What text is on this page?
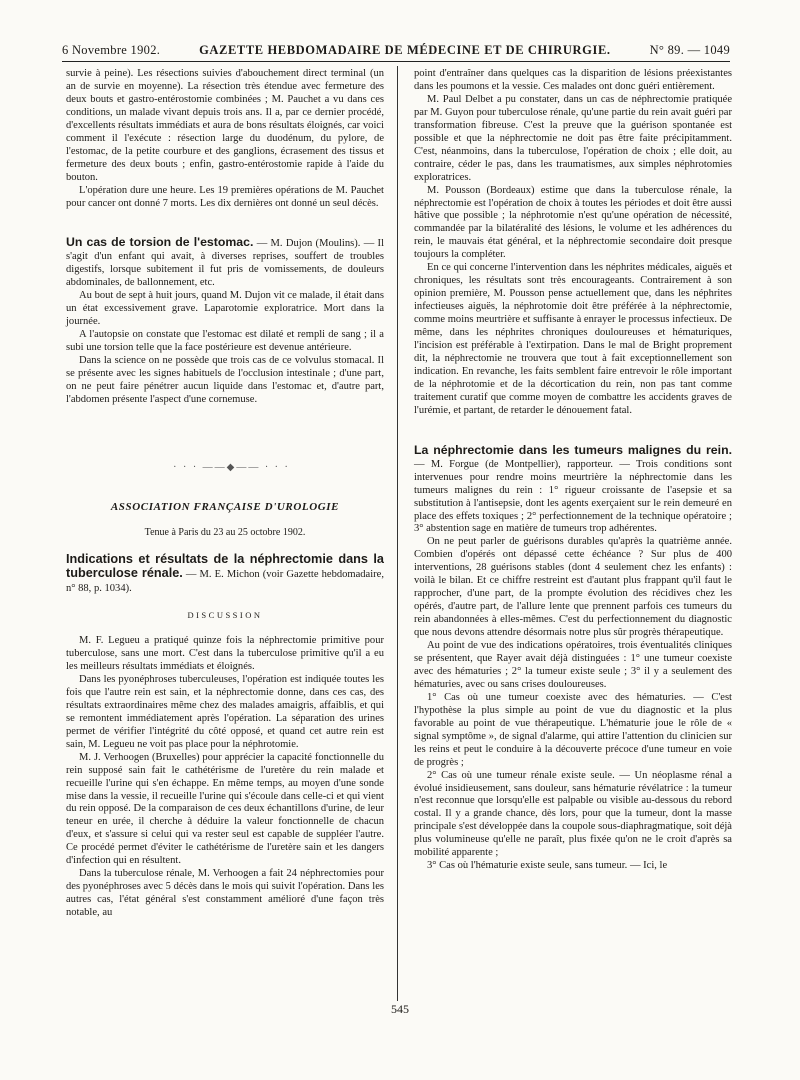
6 Novembre 1902.	GAZETTE HEBDOMADAIRE DE MÉDECINE ET DE CHIRURGIE.	N° 89. — 1049

survie à peine). Les résections suivies d'abouchement direct terminal (un an de survie en moyenne). La résection très étendue avec fermeture des deux bouts et gastro-entérostomie combinées ; M. Pauchet a vu dans ces conditions, un malade vivant depuis trois ans. Il a, par ce dernier procédé, d'excellents résultats immédiats et aura de bons résultats éloignés, car voici comment il l'exécute : résection large du duodénum, du pylore, de l'estomac, de la petite courbure et des ganglions, écrasement des tissus et fermeture des deux bouts ; enfin, gastro-entérostomie rapide à l'aide du bouton.

L'opération dure une heure. Les 19 premières opérations de M. Pauchet pour cancer ont donné 7 morts. Les dix dernières ont donné un seul décès.

Un cas de torsion de l'estomac. — M. Dujon (Moulins). — Il s'agit d'un enfant qui avait, à diverses reprises, souffert de troubles digestifs, lorsque subitement il fut pris de vomissements, de douleurs abdominales, de ballonnement, etc.

Au bout de sept à huit jours, quand M. Dujon vit ce malade, il était dans un état excessivement grave. Laparotomie exploratrice. Mort dans la journée.

A l'autopsie on constate que l'estomac est dilaté et rempli de sang ; il a subi une torsion telle que la face postérieure est devenue antérieure.

Dans la science on ne possède que trois cas de ce volvulus stomacal. Il se présente avec les signes habituels de l'occlusion intestinale ; d'une part, on ne peut faire pénétrer aucun liquide dans l'estomac et, d'autre part, l'abdomen présente l'aspect d'une cornemuse.

· · · ——◆—— · · ·

ASSOCIATION FRANÇAISE D'UROLOGIE

Tenue à Paris du 23 au 25 octobre 1902.

Indications et résultats de la néphrectomie dans la tuberculose rénale. — M. E. Michon (voir Gazette hebdomadaire, n° 88, p. 1034).

DISCUSSION

M. F. Legueu a pratiqué quinze fois la néphrectomie primitive pour tuberculose, sans une mort. C'est dans la tuberculose primitive qu'il a eu les meilleurs résultats immédiats et éloignés.

Dans les pyonéphroses tuberculeuses, l'opération est indiquée toutes les fois que l'autre rein est sain, et la néphrectomie donne, dans ces cas, des résultats extraordinaires même chez des malades amaigris, affaiblis, et qui se remontent immédiatement après l'opération. La séparation des urines permet de vérifier l'intégrité du côté opposé, et quand cet autre rein est sain, M. Legueu ne voit pas place pour la néphrotomie.

M. J. Verhoogen (Bruxelles) pour apprécier la capacité fonctionnelle du rein supposé sain fait le cathétérisme de l'uretère du rein malade et recueille l'urine qui s'en échappe. En même temps, au moyen d'une sonde mise dans la vessie, il recueille l'urine qui s'écoule dans celle-ci et qui vient du rein opposé. De la comparaison de ces deux échantillons d'urine, de leur teneur en urée, il cherche à déduire la valeur fonctionnelle de chacun d'eux, et s'assure si celui qui va rester seul est capable de suppléer l'autre. Ce procédé permet d'éviter le cathétérisme de l'uretère sain et les dangers d'infection qui en résultent.

Dans la tuberculose rénale, M. Verhoogen a fait 24 néphrectomies pour des pyonéphroses avec 5 décès dans le mois qui suivit l'opération. Dans les autres cas, l'état général s'est constamment amélioré d'une façon très notable, au

point d'entraîner dans quelques cas la disparition de lésions préexistantes dans les poumons et la vessie. Ces malades ont donc guéri entièrement.

M. Paul Delbet a pu constater, dans un cas de néphrectomie pratiquée par M. Guyon pour tuberculose rénale, qu'une partie du rein avait guéri par transformation fibreuse. C'est la preuve que la guérison spontanée est possible et que la néphrectomie ne doit pas être faite précipitamment. C'est, néanmoins, dans la tuberculose, l'opération de choix ; elle doit, au contraire, céder le pas, dans les traumatismes, aux simples néphrotomies exploratrices.

M. Pousson (Bordeaux) estime que dans la tuberculose rénale, la néphrectomie est l'opération de choix à toutes les périodes et doit être aussi hâtive que possible ; la néphrotomie n'est qu'une opération de nécessité, commandée par la bilatéralité des lésions, le volume et les adhérences du rein, le mauvais état général, et la néphrectomie secondaire doit presque toujours la compléter.

En ce qui concerne l'intervention dans les néphrites médicales, aiguës et chroniques, les résultats sont très encourageants. Contrairement à son opinion première, M. Pousson pense actuellement que, dans les néphrites infectieuses aiguës, la néphrotomie doit être préférée à la néphrectomie, comme moins meurtrière et suffisante à enrayer le processus infectieux. De même, dans les néphrites chroniques douloureuses et hématuriques, l'incision est préférable à l'extirpation. Dans le mal de Bright proprement dit, la néphrectomie ne trouvera que tout à fait exceptionnellement son indication. En revanche, les faits semblent faire entrevoir le rôle important de la néphrotomie et de la décortication du rein, non pas tant comme traitement curatif que comme moyen de combattre les accidents graves de l'urémie, et partant, de retarder le dénouement fatal.

La néphrectomie dans les tumeurs malignes du rein. — M. Forgue (de Montpellier), rapporteur. — Trois conditions sont intervenues pour rendre moins meurtrière la néphrectomie dans les tumeurs malignes du rein : 1° rigueur croissante de l'asepsie et sa substitution à l'antisepsie, dont les agents exerçaient sur le rein demeuré en place des effets toxiques ; 2° perfectionnement de la technique opératoire ; 3° abstention sage en matière de tumeurs trop adhérentes.

On ne peut parler de guérisons durables qu'après la quatrième année. Combien d'opérés ont dépassé cette échéance ? Sur plus de 400 interventions, 28 guérisons stables (dont 4 seulement chez les enfants) : voilà le bilan. Et ce chiffre restreint est d'autant plus frappant qu'il faut le rapprocher, d'une part, de la prompte évolution des récidives chez les opérés, d'autre part, de l'allure lente que prennent parfois ces tumeurs du rein abandonnées à elles-mêmes. C'est du perfectionnement du diagnostic que nous devons attendre désormais notre plus sûr progrès thérapeutique.

Au point de vue des indications opératoires, trois éventualités cliniques se présentent, que Rayer avait déjà distinguées : 1° une tumeur coexiste avec des hématuries ; 2° la tumeur existe seule ; 3° il y a seulement des hématuries, avec ou sans crises douloureuses.

1° Cas où une tumeur coexiste avec des hématuries. — C'est l'hypothèse la plus simple au point de vue du diagnostic et la plus favorable au point de vue thérapeutique. L'hématurie joue le rôle de « signal symptôme », de signal d'alarme, qui attire l'attention du clinicien sur les reins et peut le conduire à la découverte précoce d'une tumeur en voie de progrès ;

2° Cas où une tumeur rénale existe seule. — Un néoplasme rénal a évolué insidieusement, sans douleur, sans hématurie révélatrice : la tumeur n'est reconnue que lorsqu'elle est palpable ou visible au-dessous du rebord costal. Il y a grande chance, dès lors, pour que la tumeur, dont la masse principale s'est développée dans la coupole sous-diaphragmatique, soit déjà plus volumineuse qu'elle ne paraît, plus fixée qu'on ne le croit d'après sa mobilité apparente ;

3° Cas où l'hématurie existe seule, sans tumeur. — Ici, le

545
